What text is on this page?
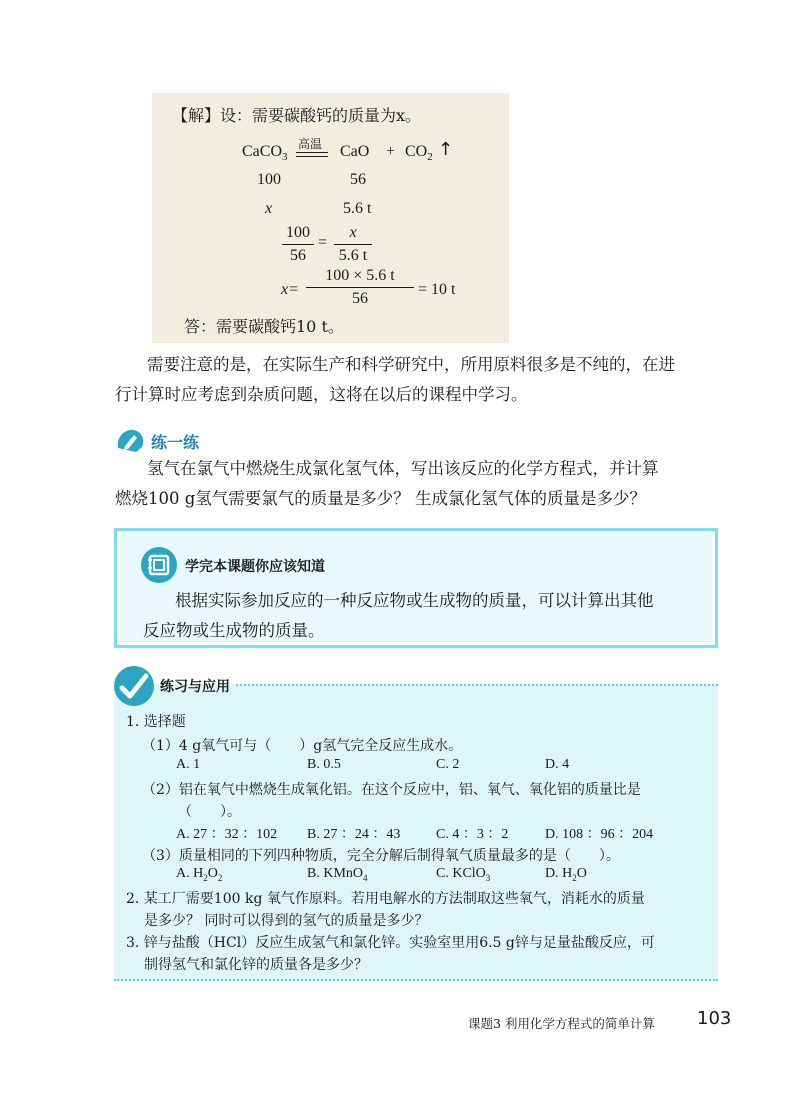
【解】设：需要碳酸钙的质量为x。
CaCO$_3$
高温 CaO + $CO_2$ ↑
100	56
x	5.6 t
100
56
=
x
5.6 t
x=
100 × 5.6 t
56
= 10 t
答：需要碳酸钙10 t。
需要注意的是，在实际生产和科学研究中，所用原料很多是不纯的，在进
行计算时应考虑到杂质问题，这将在以后的课程中学习。
练一练
氢气在氯气中燃烧生成氯化氢气体，写出该反应的化学方程式，并计算
燃烧100 g氢气需要氯气的质量是多少？ 生成氯化氢气体的质量是多少？
学完本课题你应该知道
根据实际参加反应的一种反应物或生成物的质量，可以计算出其他
反应物或生成物的质量。
练习与应用
1. 选择题
（1）4 g氧气可与（　　）g氢气完全反应生成水。
A. 1	B. 0.5	C. 2	D. 4
（2）铝在氧气中燃烧生成氧化铝。在这个反应中，铝、氧气、氧化铝的质量比是
（　　）。
A. 27 ：32 ：102 B. 27 ：24 ：43	C. 4 ：3 ：2	D. 108 ：96 ：204
（3）质量相同的下列四种物质，完全分解后制得氧气质量最多的是（　　）。
A. $H_2O_2$	B. KMnO$_4$	C. KClO$_3$	D. $H_2O$
2. 某工厂需要100 kg 氧气作原料。若用电解水的方法制取这些氧气，消耗水的质量
是多少？ 同时可以得到的氢气的质量是多少？
3. 锌与盐酸（HCl）反应生成氢气和氯化锌。实验室里用6.5 g锌与足量盐酸反应，可
制得氢气和氯化锌的质量各是多少？
课题3 利用化学方程式的简单计算 103
